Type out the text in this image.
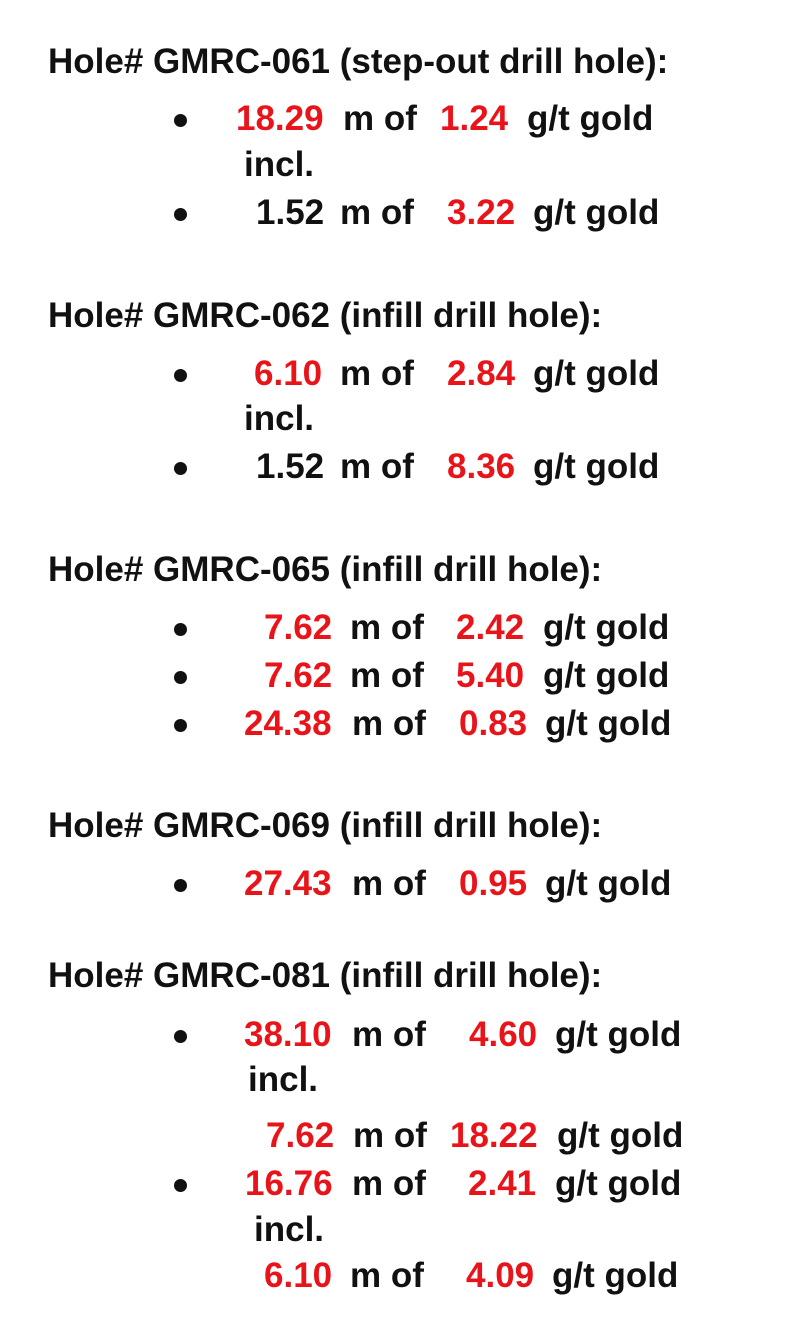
Hole# GMRC-061 (step-out drill hole):
18.29 m of 1.24 g/t gold
incl.
1.52 m of 3.22 g/t gold
Hole# GMRC-062 (infill drill hole):
6.10 m of 2.84 g/t gold
incl.
1.52 m of 8.36 g/t gold
Hole# GMRC-065 (infill drill hole):
7.62 m of 2.42 g/t gold
7.62 m of 5.40 g/t gold
24.38 m of 0.83 g/t gold
Hole# GMRC-069 (infill drill hole):
27.43 m of 0.95 g/t gold
Hole# GMRC-081 (infill drill hole):
38.10 m of 4.60 g/t gold
incl.
7.62 m of 18.22 g/t gold
16.76 m of 2.41 g/t gold
incl.
6.10 m of 4.09 g/t gold
